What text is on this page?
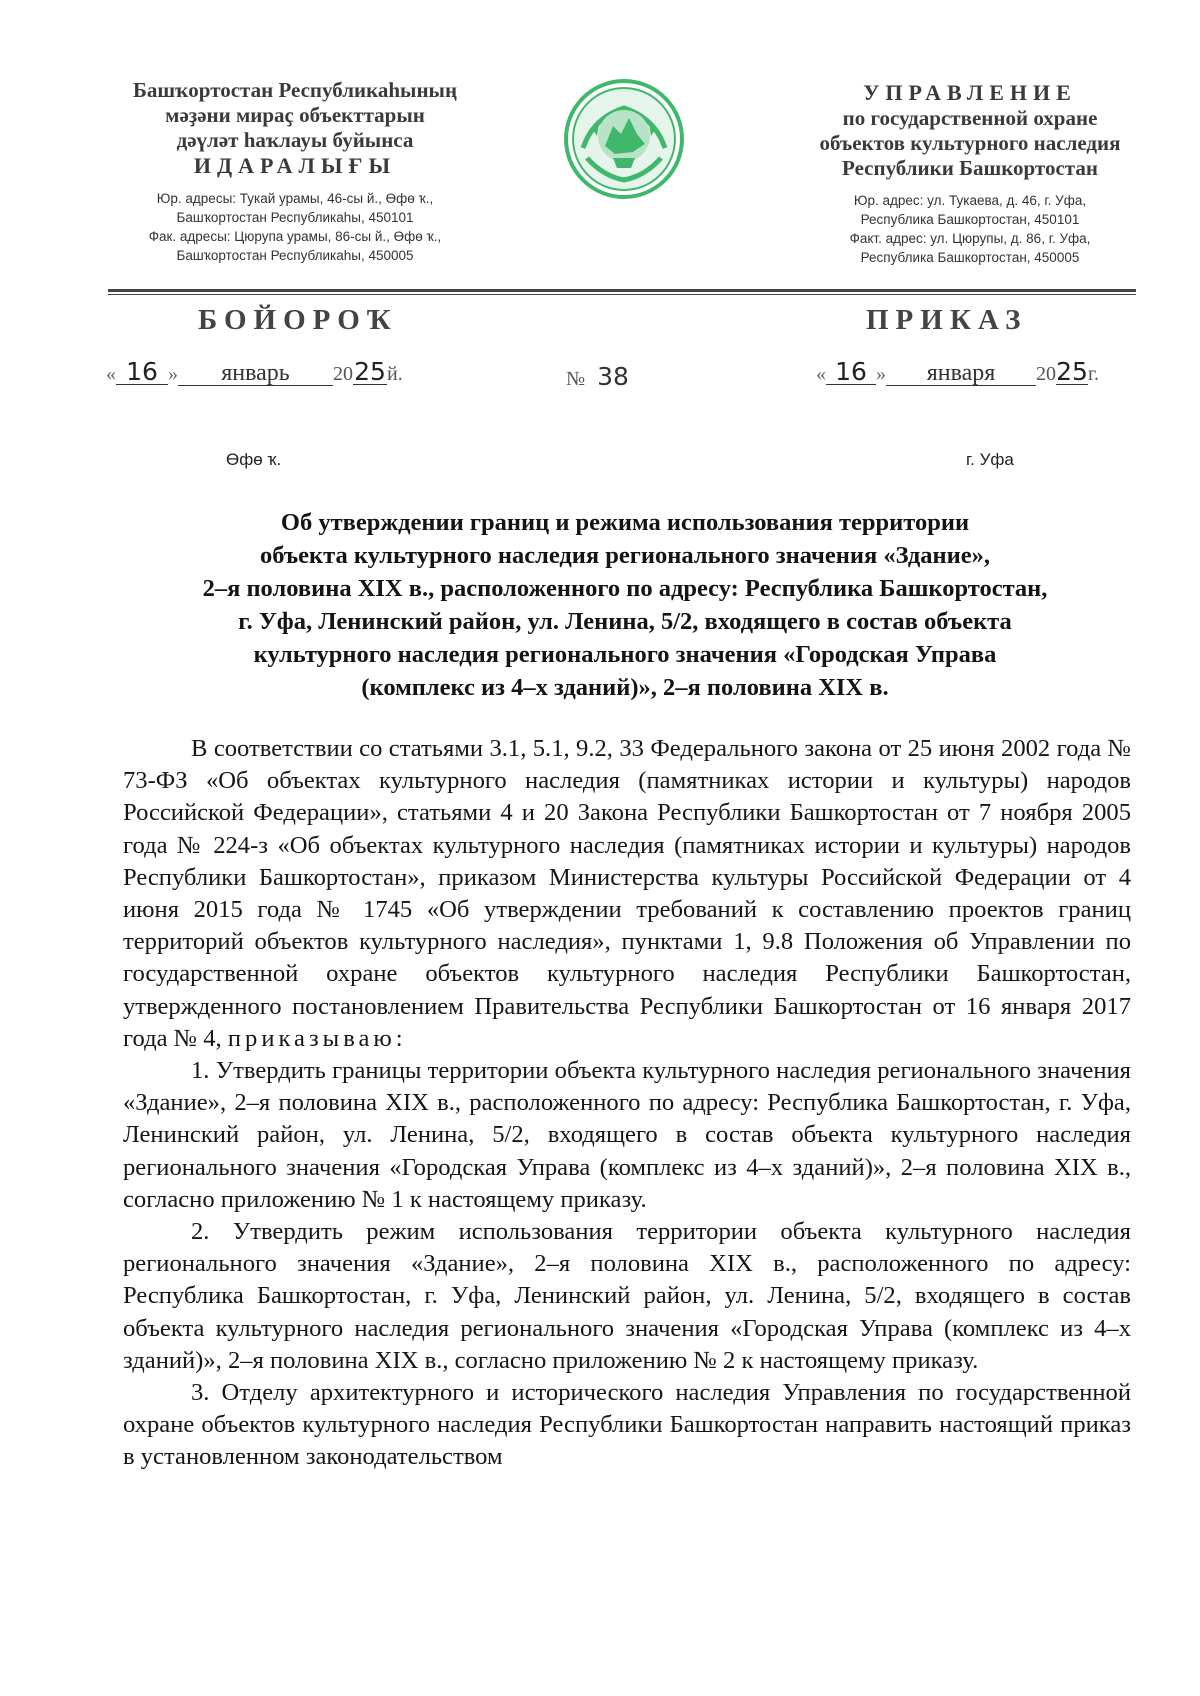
Башҡортостан Республикаһының
мәҙәни мираҫ объекттарын
дәүләт һаҡлауы буйынса
ИДАРАЛЫҒЫ
Юр. адресы: Тукай урамы, 46-сы й., Өфө ҡ.,
Башҡортостан Республикаһы, 450101
Фак. адресы: Цюрупа урамы, 86-сы й., Өфө ҡ.,
Башҡортостан Республикаһы, 450005
УПРАВЛЕНИЕ
по государственной охране
объектов культурного наследия
Республики Башкортостан
Юр. адрес: ул. Тукаева, д. 46, г. Уфа,
Республика Башкортостан, 450101
Факт. адрес: ул. Цюрупы, д. 86, г. Уфа,
Республика Башкортостан, 450005
БОЙОРОҠ	ПРИКАЗ
« 16 » январь 2025й.	№ 38	« 16 » января 2025г.
Өфө ҡ.	г. Уфа
Об утверждении границ и режима использования территории
объекта культурного наследия регионального значения «Здание»,
2–я половина XIX в., расположенного по адресу: Республика Башкортостан,
г. Уфа, Ленинский район, ул. Ленина, 5/2, входящего в состав объекта
культурного наследия регионального значения «Городская Управа
(комплекс из 4–х зданий)», 2–я половина XIX в.

В соответствии со статьями 3.1, 5.1, 9.2, 33 Федерального закона от 25 июня 2002 года № 73-ФЗ «Об объектах культурного наследия (памятниках истории и культуры) народов Российской Федерации», статьями 4 и 20 Закона Республики Башкортостан от 7 ноября 2005 года № 224-з «Об объектах культурного наследия (памятниках истории и культуры) народов Республики Башкортостан», приказом Министерства культуры Российской Федерации от 4 июня 2015 года № 1745 «Об утверждении требований к составлению проектов границ территорий объектов культурного наследия», пунктами 1, 9.8 Положения об Управлении по государственной охране объектов культурного наследия Республики Башкортостан, утвержденного постановлением Правительства Республики Башкортостан от 16 января 2017 года № 4, приказываю:

1. Утвердить границы территории объекта культурного наследия регионального значения «Здание», 2–я половина XIX в., расположенного по адресу: Республика Башкортостан, г. Уфа, Ленинский район, ул. Ленина, 5/2, входящего в состав объекта культурного наследия регионального значения «Городская Управа (комплекс из 4–х зданий)», 2–я половина XIX в., согласно приложению № 1 к настоящему приказу.

2. Утвердить режим использования территории объекта культурного наследия регионального значения «Здание», 2–я половина XIX в., расположенного по адресу: Республика Башкортостан, г. Уфа, Ленинский район, ул. Ленина, 5/2, входящего в состав объекта культурного наследия регионального значения «Городская Управа (комплекс из 4–х зданий)», 2–я половина XIX в., согласно приложению № 2 к настоящему приказу.

3. Отделу архитектурного и исторического наследия Управления по государственной охране объектов культурного наследия Республики Башкортостан направить настоящий приказ в установленном законодательством
